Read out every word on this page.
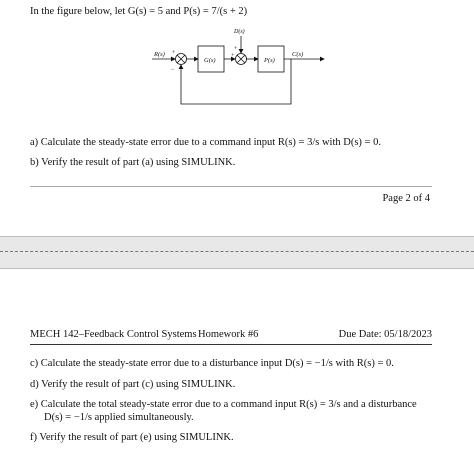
In the figure below, let G(s) = 5 and P(s) = 7/(s + 2)
R(s) +
−
G(s)
D(s)
+
+
P(s)
C(s)
a) Calculate the steady-state error due to a command input R(s) = 3/s with D(s) = 0.
b) Verify the result of part (a) using SIMULINK.
Page 2 of 4
MECH 142–Feedback Control Systems Homework #6	Due Date: 05/18/2023
c) Calculate the steady-state error due to a disturbance input D(s) = −1/s with R(s) = 0.
d) Verify the result of part (c) using SIMULINK.
e) Calculate the total steady-state error due to a command input R(s) = 3/s and a disturbance
D(s) = −1/s applied simultaneously.
f) Verify the result of part (e) using SIMULINK.
